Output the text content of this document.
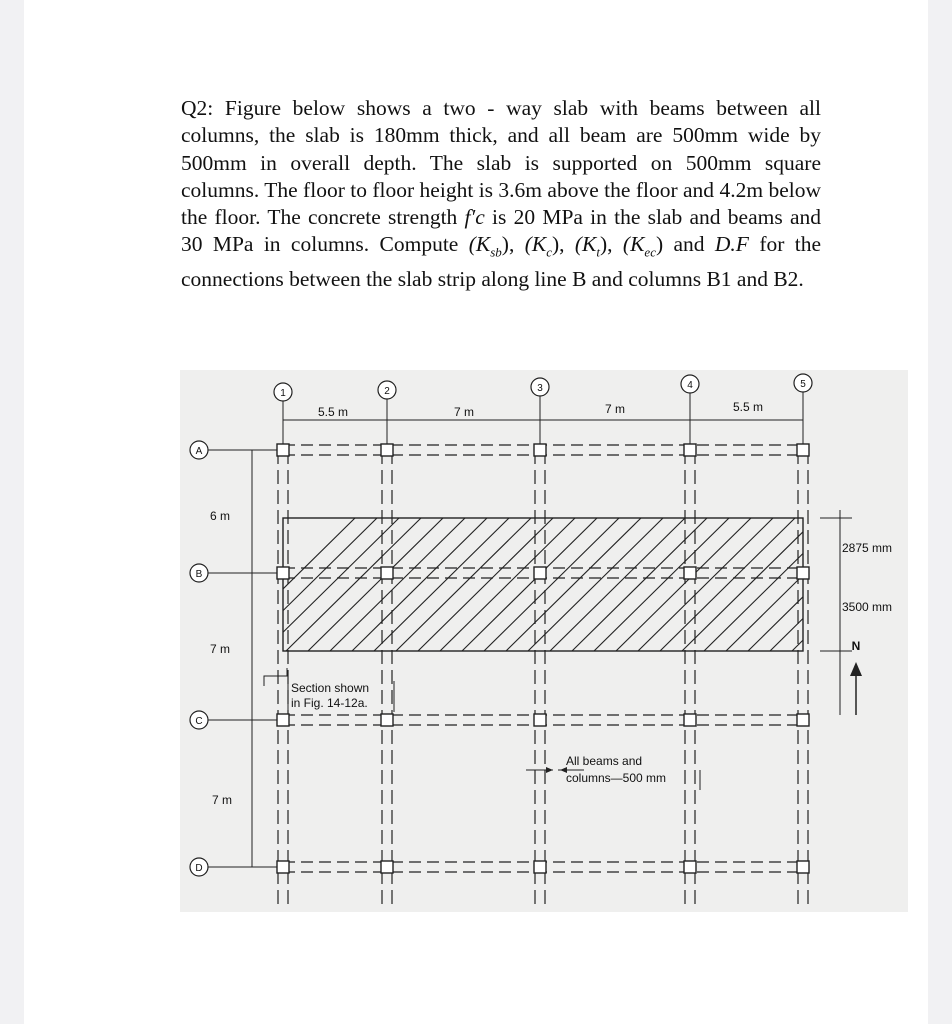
Q2: Figure below shows a two - way slab with beams between all columns, the slab is 180mm thick, and all beam are 500mm wide by 500mm in overall depth. The slab is supported on 500mm square columns. The floor to floor height is 3.6m above the floor and 4.2m below the floor. The concrete strength f′c is 20 MPa in the slab and beams and 30 MPa in columns. Compute $(K_{sb})$, $(K_c)$, $(K_t)$, $(K_{ec})$ and D.F for the connections between the slab strip along line B and columns B1 and B2.

1	2	3	4	5
A
B
C
D
5.5 m	7 m	7 m	5.5 m
6 m
7 m
7 m
2875 mm
3500 mm
N
Section shown
in Fig. 14-12a.
All beams and
columns—500 mm
